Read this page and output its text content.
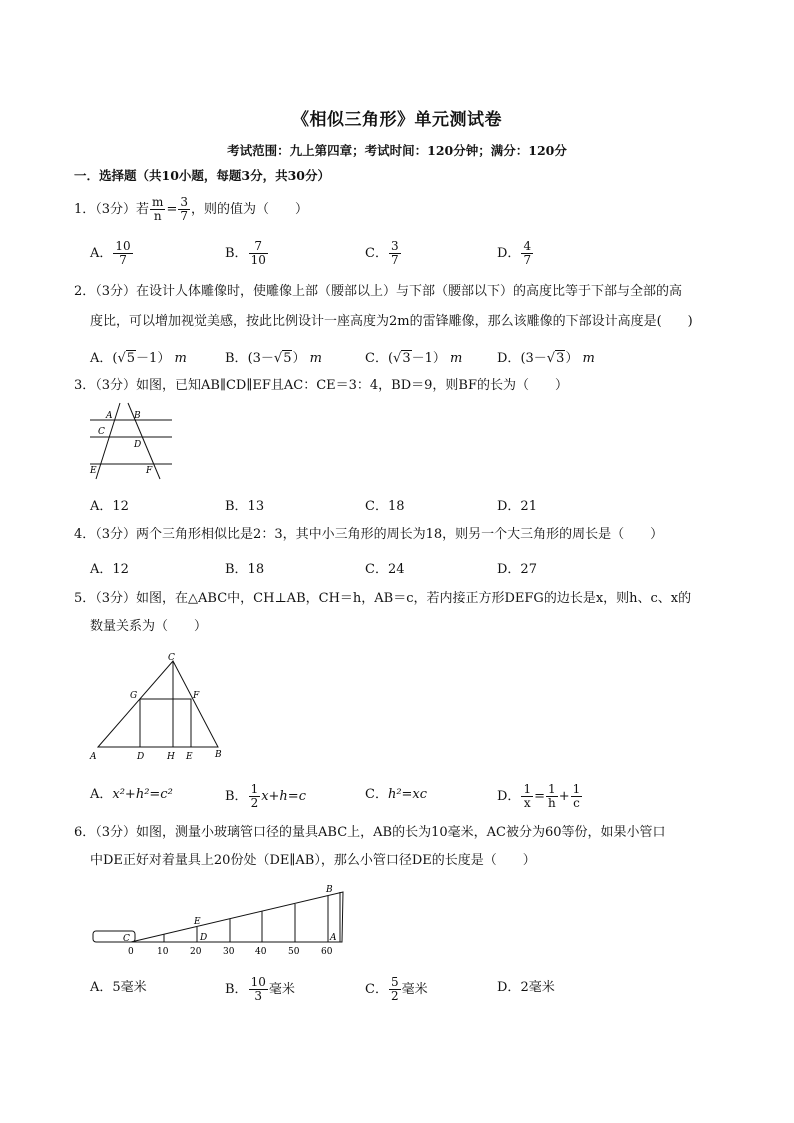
《相似三角形》单元测试卷
考试范围：九上第四章；考试时间：120分钟；满分：120分
一．选择题（共10小题，每题3分，共30分）
1．（3分）若 $\frac{m}{n} = \frac{3}{7}$ ，则的值为（　　）
A． $\frac{10}{7}$	B． $\frac{7}{10}$	C． $\frac{3}{7}$	D． $\frac{4}{7}$
2．（3分）在设计人体雕像时，使雕像上部（腰部以上）与下部（腰部以下）的高度比等于下部与全部的高
度比，可以增加视觉美感，按此比例设计一座高度为2m的雷锋雕像，那么该雕像的下部设计高度是(　　)
A．(√5－1） m	B．(3－√5） m	C．(√3－1） m	D．(3－√3） m
3．（3分）如图，已知AB∥CD∥EF且AC：CE＝3：4，BD＝9，则BF的长为（　　）
A B
C
D
E	F
A．12	B．13	C．18	D．21
4．（3分）两个三角形相似比是2：3，其中小三角形的周长为18，则另一个大三角形的周长是（　　）
A．12	B．18	C．24	D．27
5．（3分）如图，在△ABC中，CH⊥AB，CH＝h，AB＝c，若内接正方形DEFG的边长是x，则h、c、x的
数量关系为（　　）
C
G	F
A	D	H E B
A．x²+h²=c²	B． $\frac{1}{2} x+h=c$	C．h²=xc	D． $\frac{1}{x} = \frac{1}{h} + \frac{1}{c}$
6．（3分）如图，测量小玻璃管口径的量具ABC上，AB的长为10毫米，AC被分为60等份，如果小管口
中DE正好对着量具上20份处（DE∥AB），那么小管口径DE的长度是（　　）
B
E
C	D	A
0	10 20 30 40 50 60
A．5毫米	B． $\frac{10}{3}$ 毫米	C． $\frac{5}{2}$ 毫米	D．2毫米
